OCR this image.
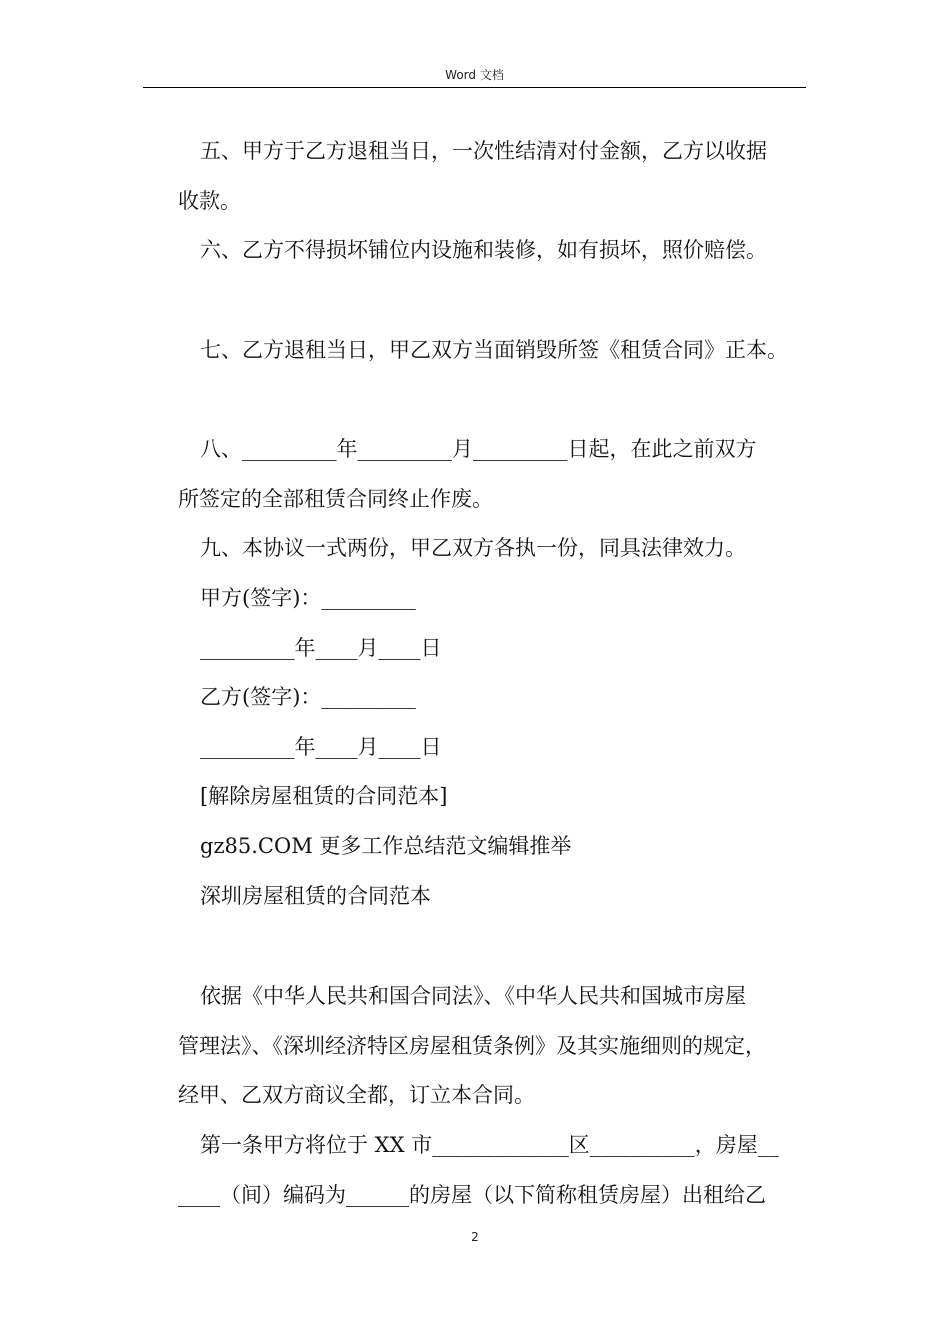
Word 文档
五、甲方于乙方退租当日，一次性结清对付金额，乙方以收据
收款。
六、乙方不得损坏铺位内设施和装修，如有损坏，照价赔偿。
七、乙方退租当日，甲乙双方当面销毁所签《租赁合同》正本。
八、_________年_________月_________日起，在此之前双方
所签定的全部租赁合同终止作废。
九、本协议一式两份，甲乙双方各执一份，同具法律效力。
甲方(签字)：_________
_________年____月____日
乙方(签字)：_________
_________年____月____日
[解除房屋租赁的合同范本]
gz85.COM 更多工作总结范文编辑推举
深圳房屋租赁的合同范本
依据《中华人民共和国合同法》、《中华人民共和国城市房屋
管理法》、《深圳经济特区房屋租赁条例》及其实施细则的规定，
经甲、乙双方商议全都，订立本合同。
第一条甲方将位于 XX 市_____________区__________，房屋__
____（间）编码为______的房屋（以下简称租赁房屋）出租给乙
2
